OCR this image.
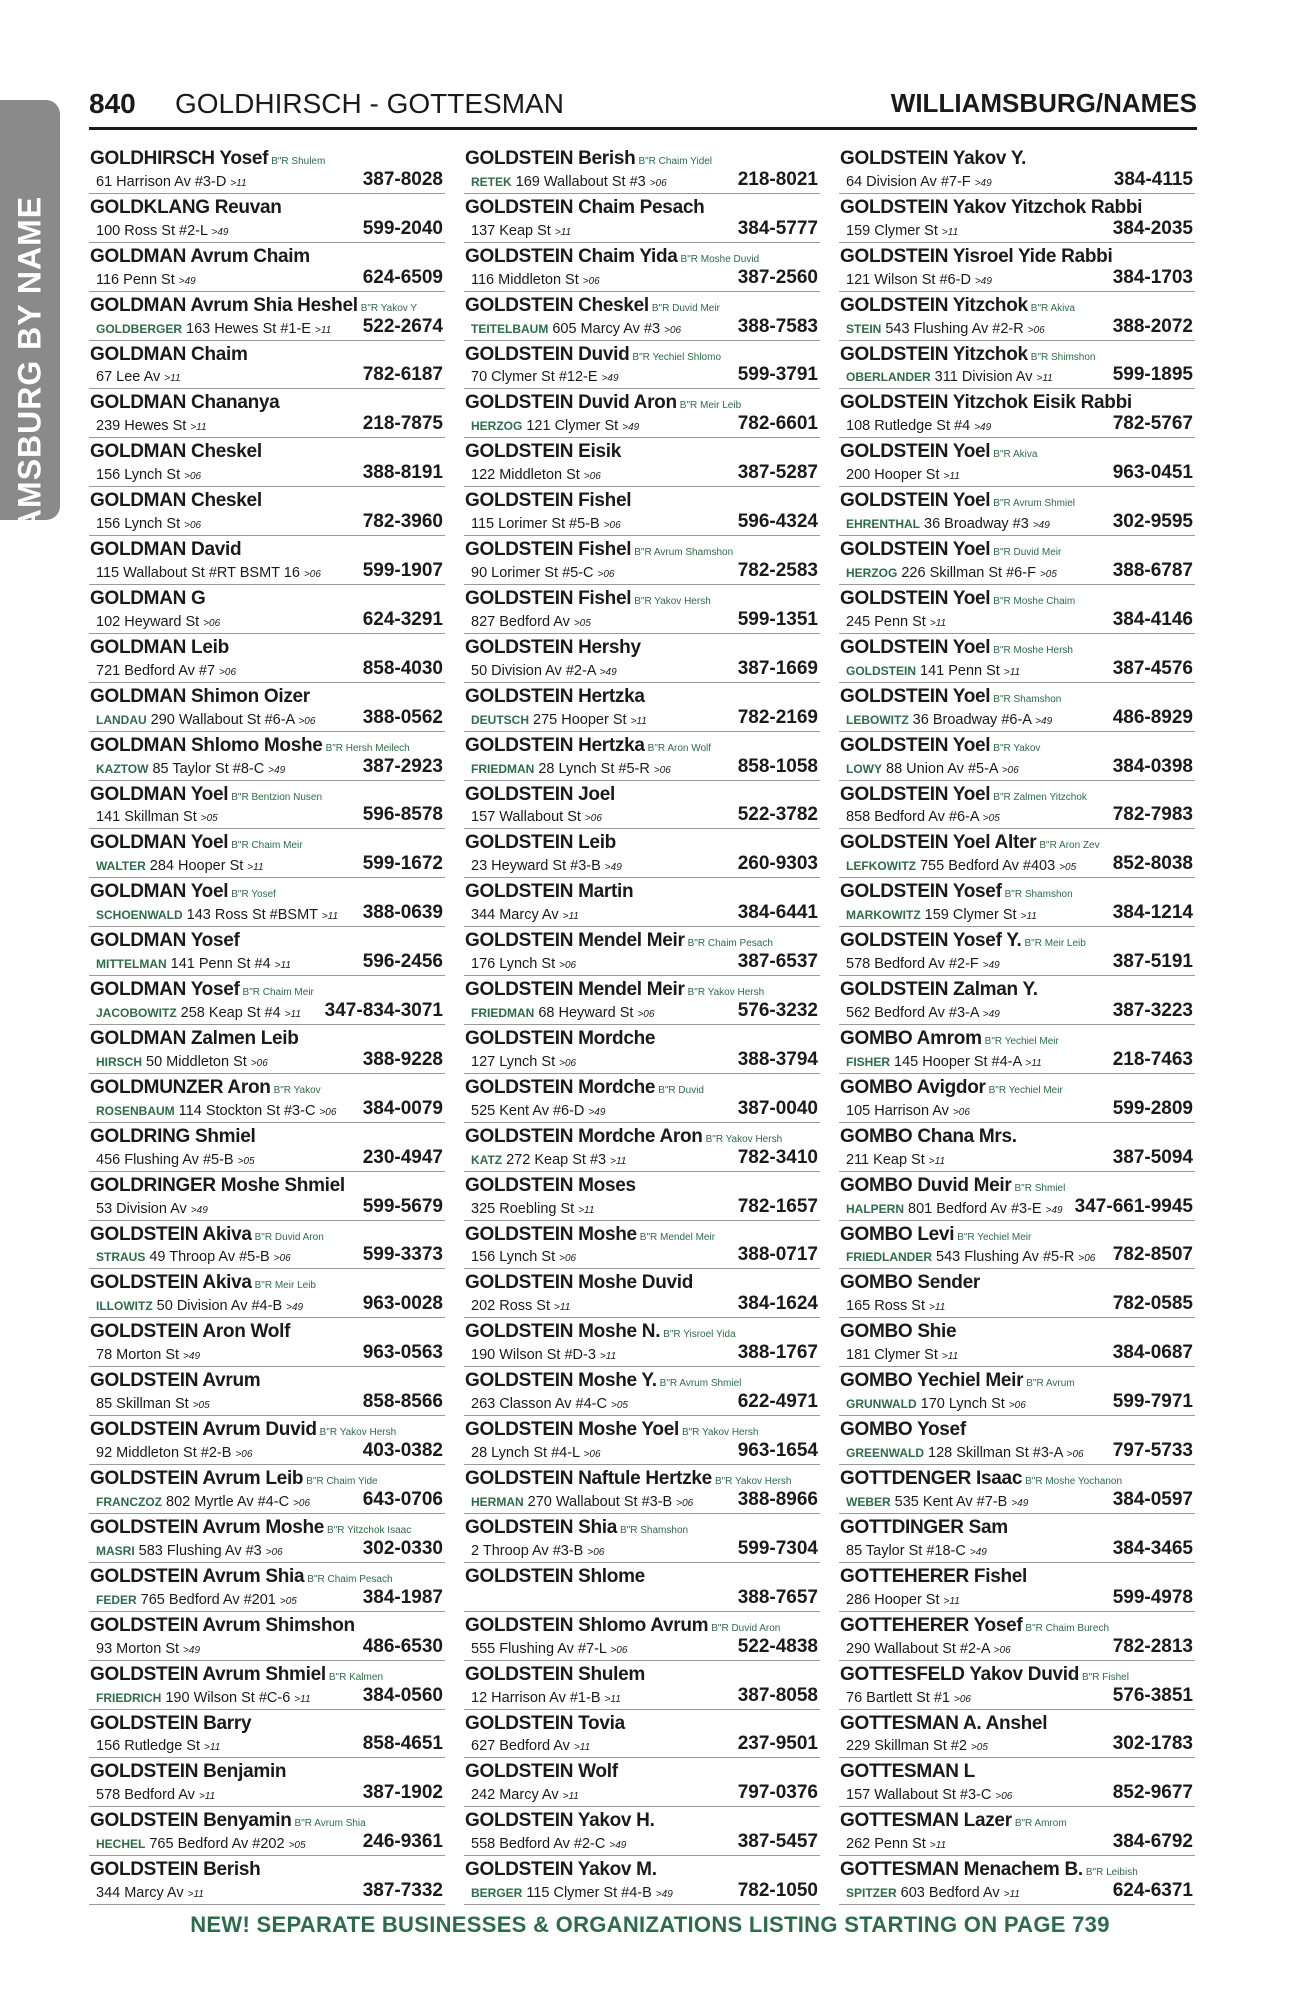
WILLIAMSBURG BY NAME
840 GOLDHIRSCH - GOTTESMAN	WILLIAMSBURG/NAMES
GOLDHIRSCH Yosef B"R Shulem
61 Harrison Av #3-D >11	387-8028
GOLDKLANG Reuvan
100 Ross St #2-L >49	599-2040
GOLDMAN Avrum Chaim
116 Penn St >49	624-6509
GOLDMAN Avrum Shia Heshel B"R Yakov Y
GOLDBERGER 163 Hewes St #1-E >11 522-2674
GOLDMAN Chaim
67 Lee Av >11	782-6187
GOLDMAN Chananya
239 Hewes St >11	218-7875
GOLDMAN Cheskel
156 Lynch St >06	388-8191
GOLDMAN Cheskel
156 Lynch St >06	782-3960
GOLDMAN David
115 Wallabout St #RT BSMT 16 >06 599-1907
GOLDMAN G
102 Heyward St >06	624-3291
GOLDMAN Leib
721 Bedford Av #7 >06	858-4030
GOLDMAN Shimon Oizer
LANDAU 290 Wallabout St #6-A >06 388-0562
GOLDMAN Shlomo Moshe B"R Hersh Meilech
KAZTOW 85 Taylor St #8-C >49	387-2923
GOLDMAN Yoel B"R Bentzion Nusen
141 Skillman St >05	596-8578
GOLDMAN Yoel B"R Chaim Meir
WALTER 284 Hooper St >11	599-1672
GOLDMAN Yoel B"R Yosef
SCHOENWALD 143 Ross St #BSMT >11 388-0639
GOLDMAN Yosef
MITTELMAN 141 Penn St #4 >11	596-2456
GOLDMAN Yosef B"R Chaim Meir
JACOBOWITZ 258 Keap St #4 >11 347-834-3071
GOLDMAN Zalmen Leib
HIRSCH 50 Middleton St >06	388-9228
GOLDMUNZER Aron B"R Yakov
ROSENBAUM 114 Stockton St #3-C >06 384-0079
GOLDRING Shmiel
456 Flushing Av #5-B >05	230-4947
GOLDRINGER Moshe Shmiel
53 Division Av >49	599-5679
GOLDSTEIN Akiva B"R Duvid Aron
STRAUS 49 Throop Av #5-B >06	599-3373
GOLDSTEIN Akiva B"R Meir Leib
ILLOWITZ 50 Division Av #4-B >49	963-0028
GOLDSTEIN Aron Wolf
78 Morton St >49	963-0563
GOLDSTEIN Avrum
85 Skillman St >05	858-8566
GOLDSTEIN Avrum Duvid B"R Yakov Hersh
92 Middleton St #2-B >06	403-0382
GOLDSTEIN Avrum Leib B"R Chaim Yide
FRANCZOZ 802 Myrtle Av #4-C >06	643-0706
GOLDSTEIN Avrum Moshe B"R Yitzchok Isaac
MASRI 583 Flushing Av #3 >06	302-0330
GOLDSTEIN Avrum Shia B"R Chaim Pesach
FEDER 765 Bedford Av #201 >05	384-1987
GOLDSTEIN Avrum Shimshon
93 Morton St >49	486-6530
GOLDSTEIN Avrum Shmiel B"R Kalmen
FRIEDRICH 190 Wilson St #C-6 >11	384-0560
GOLDSTEIN Barry
156 Rutledge St >11	858-4651
GOLDSTEIN Benjamin
578 Bedford Av >11	387-1902
GOLDSTEIN Benyamin B"R Avrum Shia
HECHEL 765 Bedford Av #202 >05	246-9361
GOLDSTEIN Berish
344 Marcy Av >11	387-7332
GOLDSTEIN Berish B"R Chaim Yidel
RETEK 169 Wallabout St #3 >06	218-8021
GOLDSTEIN Chaim Pesach
137 Keap St >11	384-5777
GOLDSTEIN Chaim Yida B"R Moshe Duvid
116 Middleton St >06	387-2560
GOLDSTEIN Cheskel B"R Duvid Meir
TEITELBAUM 605 Marcy Av #3 >06	388-7583
GOLDSTEIN Duvid B"R Yechiel Shlomo
70 Clymer St #12-E >49	599-3791
GOLDSTEIN Duvid Aron B"R Meir Leib
HERZOG 121 Clymer St >49	782-6601
GOLDSTEIN Eisik
122 Middleton St >06	387-5287
GOLDSTEIN Fishel
115 Lorimer St #5-B >06	596-4324
GOLDSTEIN Fishel B"R Avrum Shamshon
90 Lorimer St #5-C >06	782-2583
GOLDSTEIN Fishel B"R Yakov Hersh
827 Bedford Av >05	599-1351
GOLDSTEIN Hershy
50 Division Av #2-A >49	387-1669
GOLDSTEIN Hertzka
DEUTSCH 275 Hooper St >11	782-2169
GOLDSTEIN Hertzka B"R Aron Wolf
FRIEDMAN 28 Lynch St #5-R >06	858-1058
GOLDSTEIN Joel
157 Wallabout St >06	522-3782
GOLDSTEIN Leib
23 Heyward St #3-B >49	260-9303
GOLDSTEIN Martin
344 Marcy Av >11	384-6441
GOLDSTEIN Mendel Meir B"R Chaim Pesach
176 Lynch St >06	387-6537
GOLDSTEIN Mendel Meir B"R Yakov Hersh
FRIEDMAN 68 Heyward St >06	576-3232
GOLDSTEIN Mordche
127 Lynch St >06	388-3794
GOLDSTEIN Mordche B"R Duvid
525 Kent Av #6-D >49	387-0040
GOLDSTEIN Mordche Aron B"R Yakov Hersh
KATZ 272 Keap St #3 >11	782-3410
GOLDSTEIN Moses
325 Roebling St >11	782-1657
GOLDSTEIN Moshe B"R Mendel Meir
156 Lynch St >06	388-0717
GOLDSTEIN Moshe Duvid
202 Ross St >11	384-1624
GOLDSTEIN Moshe N. B"R Yisroel Yida
190 Wilson St #D-3 >11	388-1767
GOLDSTEIN Moshe Y. B"R Avrum Shmiel
263 Classon Av #4-C >05	622-4971
GOLDSTEIN Moshe Yoel B"R Yakov Hersh
28 Lynch St #4-L >06	963-1654
GOLDSTEIN Naftule Hertzke B"R Yakov Hersh
HERMAN 270 Wallabout St #3-B >06 388-8966
GOLDSTEIN Shia B"R Shamshon
2 Throop Av #3-B >06	599-7304
GOLDSTEIN Shlome
388-7657
GOLDSTEIN Shlomo Avrum B"R Duvid Aron
555 Flushing Av #7-L >06	522-4838
GOLDSTEIN Shulem
12 Harrison Av #1-B >11	387-8058
GOLDSTEIN Tovia
627 Bedford Av >11	237-9501
GOLDSTEIN Wolf
242 Marcy Av >11	797-0376
GOLDSTEIN Yakov H.
558 Bedford Av #2-C >49	387-5457
GOLDSTEIN Yakov M.
BERGER 115 Clymer St #4-B >49	782-1050
GOLDSTEIN Yakov Y.
64 Division Av #7-F >49	384-4115
GOLDSTEIN Yakov Yitzchok Rabbi
159 Clymer St >11	384-2035
GOLDSTEIN Yisroel Yide Rabbi
121 Wilson St #6-D >49	384-1703
GOLDSTEIN Yitzchok B"R Akiva
STEIN 543 Flushing Av #2-R >06	388-2072
GOLDSTEIN Yitzchok B"R Shimshon
OBERLANDER 311 Division Av >11	599-1895
GOLDSTEIN Yitzchok Eisik Rabbi
108 Rutledge St #4 >49	782-5767
GOLDSTEIN Yoel B"R Akiva
200 Hooper St >11	963-0451
GOLDSTEIN Yoel B"R Avrum Shmiel
EHRENTHAL 36 Broadway #3 >49	302-9595
GOLDSTEIN Yoel B"R Duvid Meir
HERZOG 226 Skillman St #6-F >05	388-6787
GOLDSTEIN Yoel B"R Moshe Chaim
245 Penn St >11	384-4146
GOLDSTEIN Yoel B"R Moshe Hersh
GOLDSTEIN 141 Penn St >11	387-4576
GOLDSTEIN Yoel B"R Shamshon
LEBOWITZ 36 Broadway #6-A >49	486-8929
GOLDSTEIN Yoel B"R Yakov
LOWY 88 Union Av #5-A >06	384-0398
GOLDSTEIN Yoel B"R Zalmen Yitzchok
858 Bedford Av #6-A >05	782-7983
GOLDSTEIN Yoel Alter B"R Aron Zev
LEFKOWITZ 755 Bedford Av #403 >05 852-8038
GOLDSTEIN Yosef B"R Shamshon
MARKOWITZ 159 Clymer St >11	384-1214
GOLDSTEIN Yosef Y. B"R Meir Leib
578 Bedford Av #2-F >49	387-5191
GOLDSTEIN Zalman Y.
562 Bedford Av #3-A >49	387-3223
GOMBO Amrom B"R Yechiel Meir
FISHER 145 Hooper St #4-A >11	218-7463
GOMBO Avigdor B"R Yechiel Meir
105 Harrison Av >06	599-2809
GOMBO Chana Mrs.
211 Keap St >11	387-5094
GOMBO Duvid Meir B"R Shmiel
HALPERN 801 Bedford Av #3-E >49 347-661-9945
GOMBO Levi B"R Yechiel Meir
FRIEDLANDER 543 Flushing Av #5-R >06 782-8507
GOMBO Sender
165 Ross St >11	782-0585
GOMBO Shie
181 Clymer St >11	384-0687
GOMBO Yechiel Meir B"R Avrum
GRUNWALD 170 Lynch St >06	599-7971
GOMBO Yosef
GREENWALD 128 Skillman St #3-A >06 797-5733
GOTTDENGER Isaac B"R Moshe Yochanon
WEBER 535 Kent Av #7-B >49	384-0597
GOTTDINGER Sam
85 Taylor St #18-C >49	384-3465
GOTTEHERER Fishel
286 Hooper St >11	599-4978
GOTTEHERER Yosef B"R Chaim Burech
290 Wallabout St #2-A >06	782-2813
GOTTESFELD Yakov Duvid B"R Fishel
76 Bartlett St #1 >06	576-3851
GOTTESMAN A. Anshel
229 Skillman St #2 >05	302-1783
GOTTESMAN L
157 Wallabout St #3-C >06	852-9677
GOTTESMAN Lazer B"R Amrom
262 Penn St >11	384-6792
GOTTESMAN Menachem B. B"R Leibish
SPITZER 603 Bedford Av >11	624-6371
NEW! SEPARATE BUSINESSES & ORGANIZATIONS LISTING STARTING ON PAGE 739
